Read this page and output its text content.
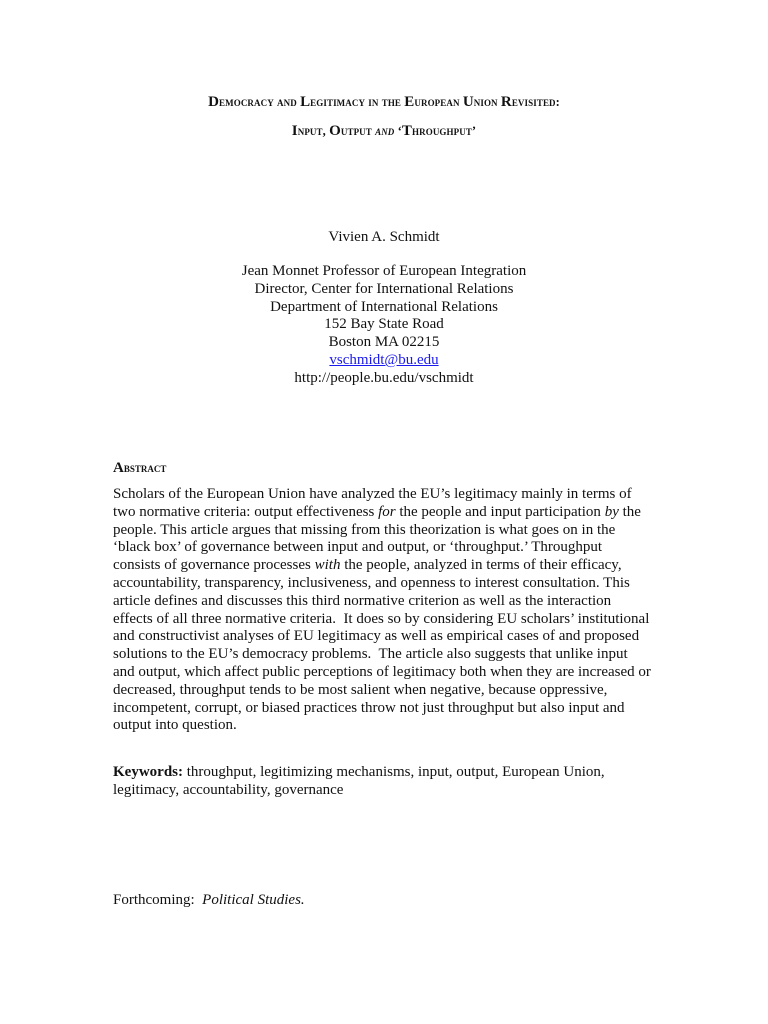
Democracy and Legitimacy in the European Union Revisited:
Input, Output and ‘Throughput’
Vivien A. Schmidt
Jean Monnet Professor of European Integration
Director, Center for International Relations
Department of International Relations
152 Bay State Road
Boston MA 02215
vschmidt@bu.edu
http://people.bu.edu/vschmidt
Abstract
Scholars of the European Union have analyzed the EU’s legitimacy mainly in terms of
two normative criteria: output effectiveness for the people and input participation by the
people. This article argues that missing from this theorization is what goes on in the
‘black box’ of governance between input and output, or ‘throughput.’ Throughput
consists of governance processes with the people, analyzed in terms of their efficacy,
accountability, transparency, inclusiveness, and openness to interest consultation. This
article defines and discusses this third normative criterion as well as the interaction
effects of all three normative criteria.  It does so by considering EU scholars’ institutional
and constructivist analyses of EU legitimacy as well as empirical cases of and proposed
solutions to the EU’s democracy problems.  The article also suggests that unlike input
and output, which affect public perceptions of legitimacy both when they are increased or
decreased, throughput tends to be most salient when negative, because oppressive,
incompetent, corrupt, or biased practices throw not just throughput but also input and
output into question.
Keywords: throughput, legitimizing mechanisms, input, output, European Union,
legitimacy, accountability, governance
Forthcoming:  Political Studies.
